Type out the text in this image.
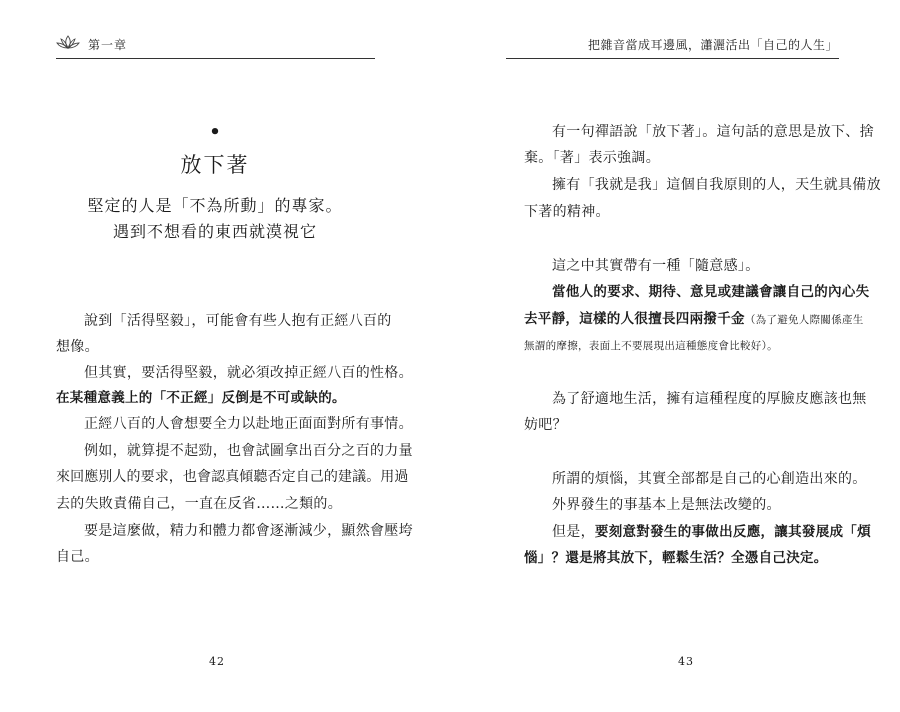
第一章
•
放下著
堅定的人是「不為所動」的專家。
遇到不想看的東西就漠視它
說到「活得堅毅」，可能會有些人抱有正經八百的
想像。
但其實，要活得堅毅，就必須改掉正經八百的性格。
在某種意義上的「不正經」反倒是不可或缺的。
正經八百的人會想要全力以赴地正面面對所有事情。
例如，就算提不起勁，也會試圖拿出百分之百的力量
來回應別人的要求，也會認真傾聽否定自己的建議。用過
去的失敗責備自己，一直在反省……之類的。
要是這麼做，精力和體力都會逐漸減少，顯然會壓垮
自己。
42
把雜音當成耳邊風，瀟灑活出「自己的人生」
有一句禪語說「放下著」。這句話的意思是放下、捨
棄。「著」表示強調。
擁有「我就是我」這個自我原則的人，天生就具備放
下著的精神。
這之中其實帶有一種「隨意感」。
當他人的要求、期待、意見或建議會讓自己的內心失
去平靜，這樣的人很擅長四兩撥千金（為了避免人際關係產生
無謂的摩擦，表面上不要展現出這種態度會比較好）。
為了舒適地生活，擁有這種程度的厚臉皮應該也無
妨吧？
所謂的煩惱，其實全部都是自己的心創造出來的。
外界發生的事基本上是無法改變的。
但是，要刻意對發生的事做出反應，讓其發展成「煩
惱」？還是將其放下，輕鬆生活？全憑自己決定。
43
